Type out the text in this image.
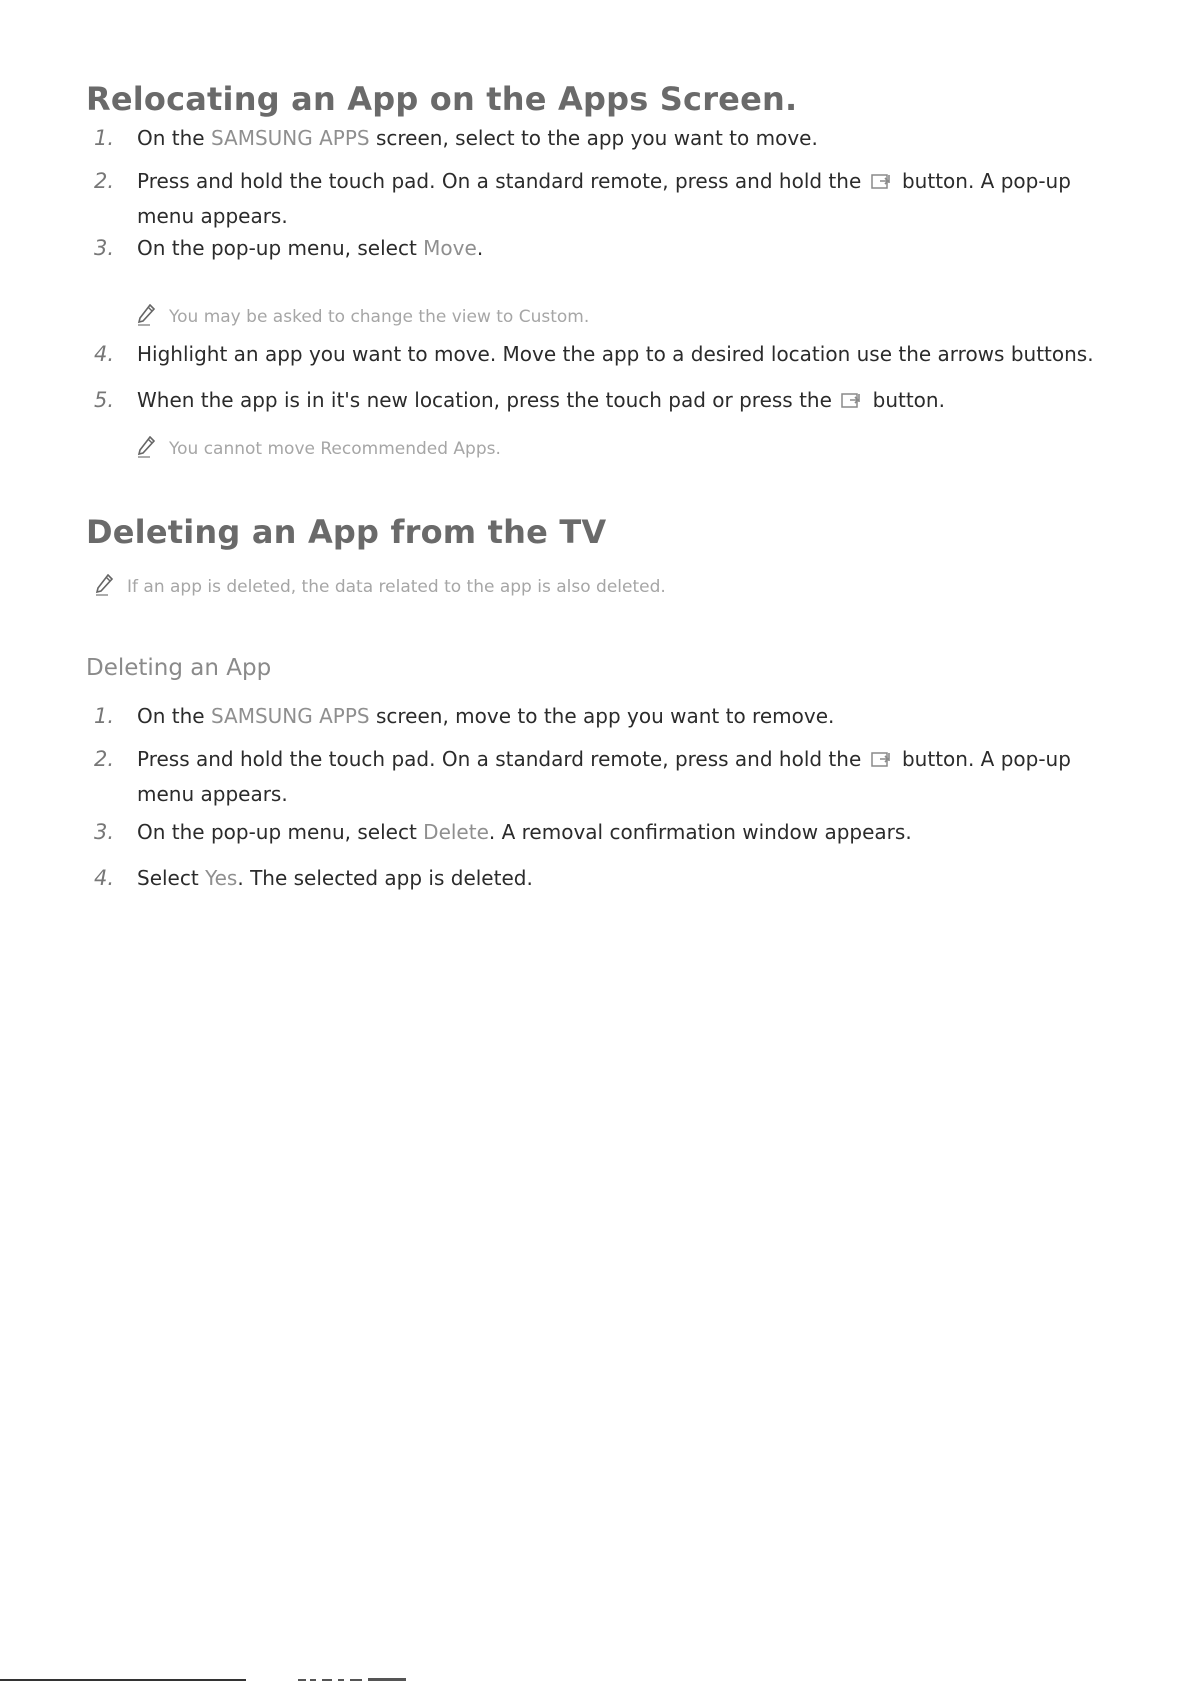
Relocating an App on the Apps Screen.
1.	On the SAMSUNG APPS screen, select to the app you want to move.
2.	Press and hold the touch pad. On a standard remote, press and hold the  button. A pop-up menu appears.
3.	On the pop-up menu, select Move.
You may be asked to change the view to Custom.
4.	Highlight an app you want to move. Move the app to a desired location use the arrows buttons.
5.	When the app is in it's new location, press the touch pad or press the  button.
You cannot move Recommended Apps.
Deleting an App from the TV
If an app is deleted, the data related to the app is also deleted.
Deleting an App
1.	On the SAMSUNG APPS screen, move to the app you want to remove.
2.	Press and hold the touch pad. On a standard remote, press and hold the  button. A pop-up menu appears.
3.	On the pop-up menu, select Delete. A removal confirmation window appears.
4.	Select Yes. The selected app is deleted.
